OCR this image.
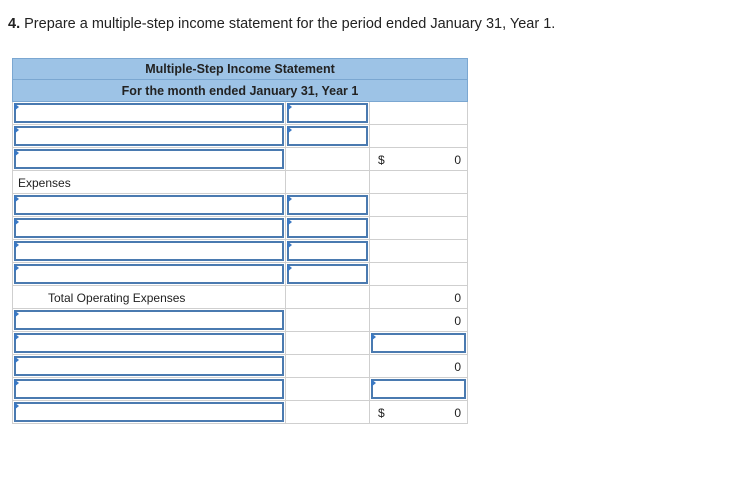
4. Prepare a multiple-step income statement for the period ended January 31, Year 1.
Multiple-Step Income Statement
For the month ended January 31, Year 1
$	0
Expenses
Total Operating Expenses	0
0
0
$	0
